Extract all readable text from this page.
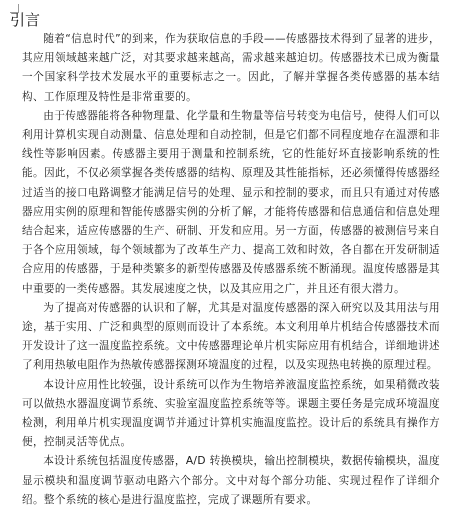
引言

随着“信息时代”的到来，作为获取信息的手段——传感器技术得到了显著的进步，其应用领域越来越广泛，对其要求越来越高，需求越来越迫切。传感器技术已成为衡量一个国家科学技术发展水平的重要标志之一。因此，了解并掌握各类传感器的基本结构、工作原理及特性是非常重要的。

由于传感器能将各种物理量、化学量和生物量等信号转变为电信号，使得人们可以利用计算机实现自动测量、信息处理和自动控制，但是它们都不同程度地存在温漂和非线性等影响因素。传感器主要用于测量和控制系统，它的性能好坏直接影响系统的性能。因此，不仅必须掌握各类传感器的结构、原理及其性能指标，还必须懂得传感器经过适当的接口电路调整才能满足信号的处理、显示和控制的要求，而且只有通过对传感器应用实例的原理和智能传感器实例的分析了解，才能将传感器和信息通信和信息处理结合起来，适应传感器的生产、研制、开发和应用。另一方面，传感器的被测信号来自于各个应用领域，每个领域都为了改革生产力、提高工效和时效，各自都在开发研制适合应用的传感器，于是种类繁多的新型传感器及传感器系统不断涌现。温度传感器是其中重要的一类传感器。其发展速度之快，以及其应用之广，并且还有很大潜力。

为了提高对传感器的认识和了解，尤其是对温度传感器的深入研究以及其用法与用途，基于实用、广泛和典型的原则而设计了本系统。本文利用单片机结合传感器技术而开发设计了这一温度监控系统。文中传感器理论单片机实际应用有机结合，详细地讲述了利用热敏电阻作为热敏传感器探测环境温度的过程，以及实现热电转换的原理过程。

本设计应用性比较强，设计系统可以作为生物培养液温度监控系统，如果稍微改装可以做热水器温度调节系统、实验室温度监控系统等等。课题主要任务是完成环境温度检测，利用单片机实现温度调节并通过计算机实施温度监控。设计后的系统具有操作方便，控制灵活等优点。

本设计系统包括温度传感器，A/D 转换模块，输出控制模块，数据传输模块，温度显示模块和温度调节驱动电路六个部分。文中对每个部分功能、实现过程作了详细介绍。整个系统的核心是进行温度监控，完成了课题所有要求。
